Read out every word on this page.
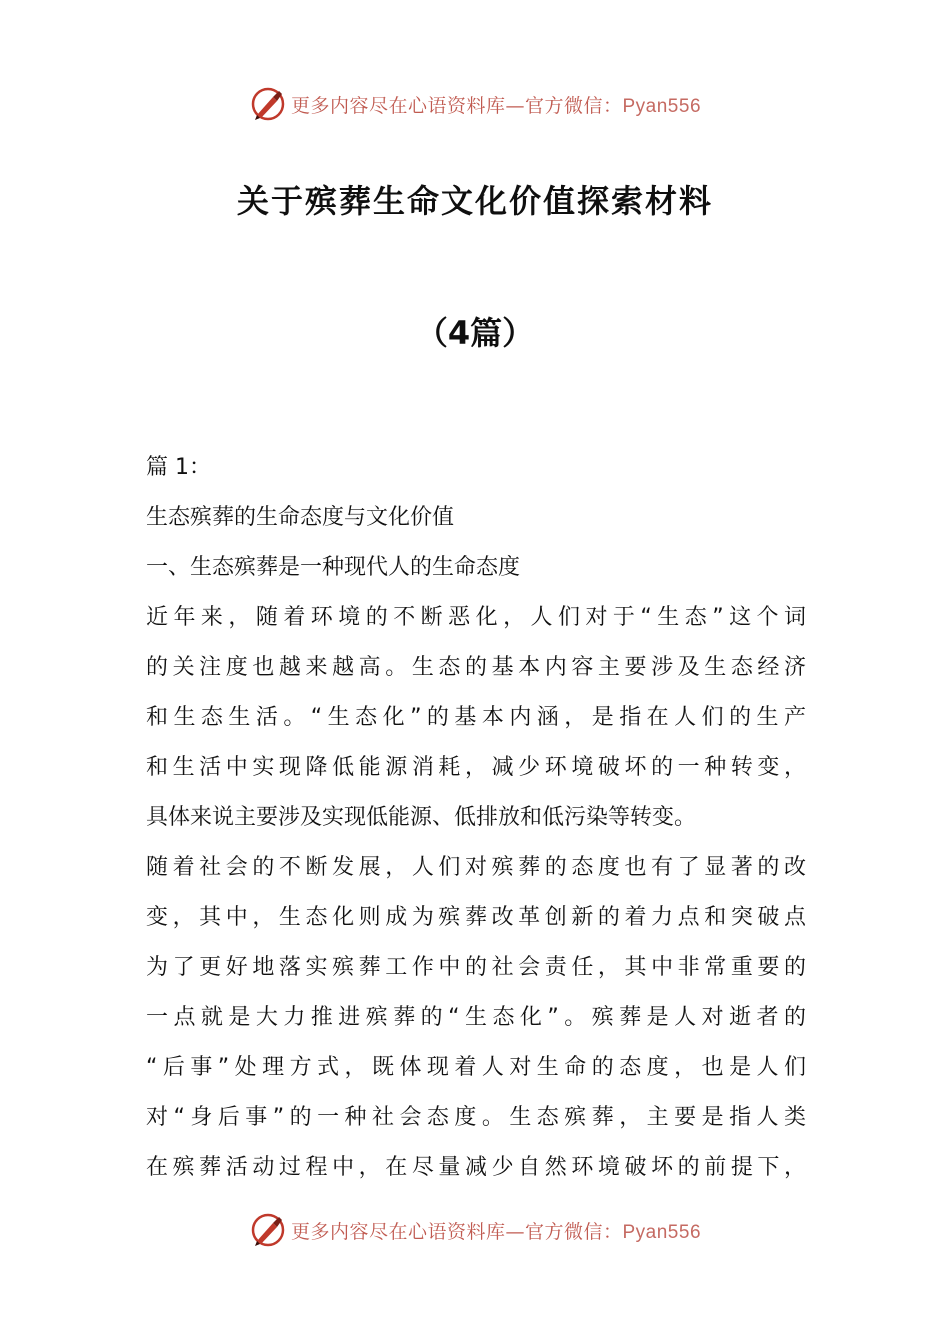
更多内容尽在心语资料库—官方微信：Pyan556
关于殡葬生命文化价值探索材料
（4篇）
篇 1：
生态殡葬的生命态度与文化价值
一、生态殡葬是一种现代人的生命态度
近年来，随着环境的不断恶化，人们对于“生态”这个词
的关注度也越来越高。生态的基本内容主要涉及生态经济
和生态生活。“生态化”的基本内涵，是指在人们的生产
和生活中实现降低能源消耗，减少环境破坏的一种转变，
具体来说主要涉及实现低能源、低排放和低污染等转变。
随着社会的不断发展，人们对殡葬的态度也有了显著的改
变，其中，生态化则成为殡葬改革创新的着力点和突破点
为了更好地落实殡葬工作中的社会责任，其中非常重要的
一点就是大力推进殡葬的“生态化”。殡葬是人对逝者的
“后事”处理方式，既体现着人对生命的态度，也是人们
对“身后事”的一种社会态度。生态殡葬，主要是指人类
在殡葬活动过程中，在尽量减少自然环境破坏的前提下，
更多内容尽在心语资料库—官方微信：Pyan556
